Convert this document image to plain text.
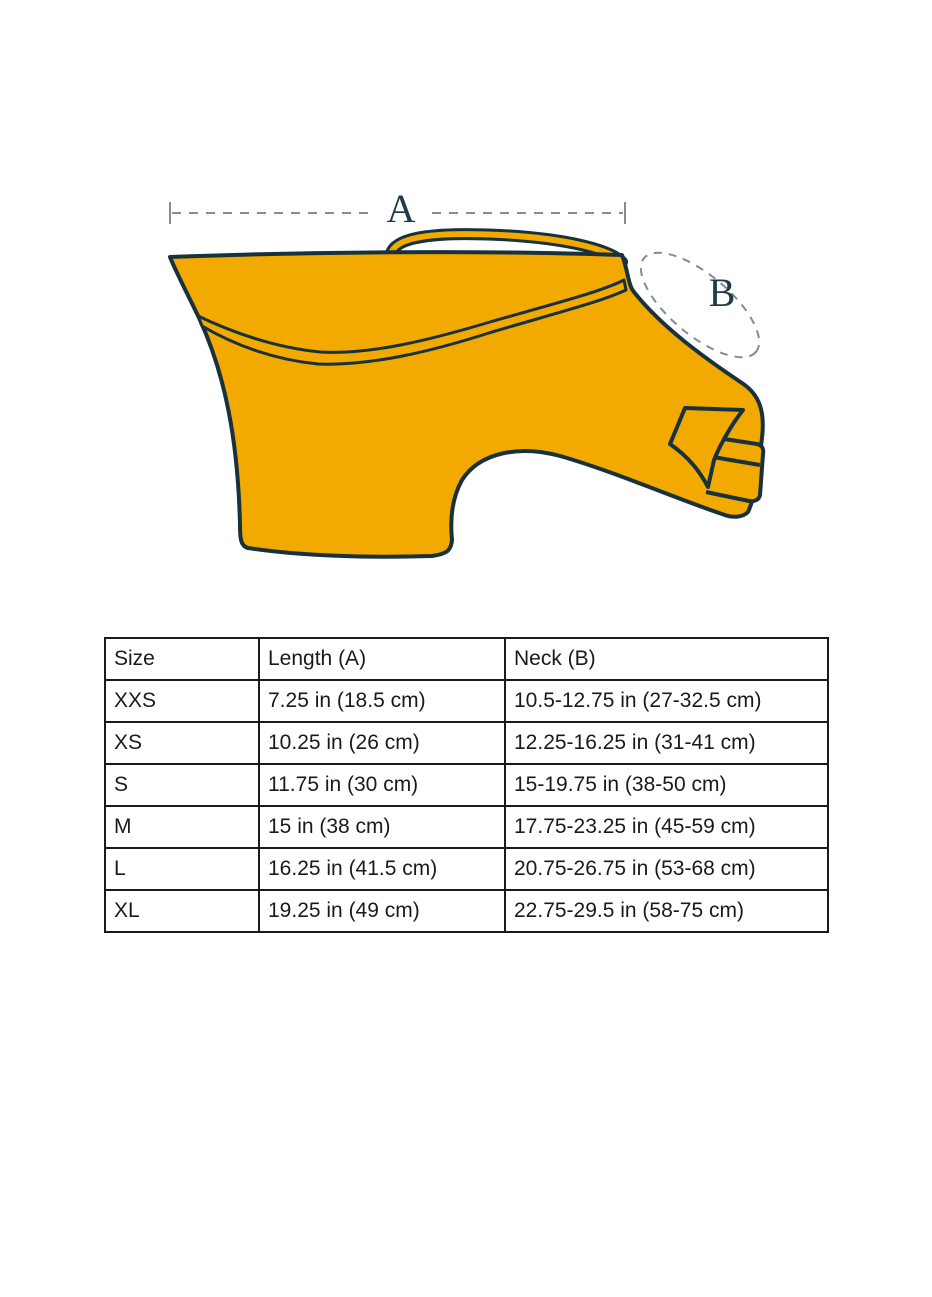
A
B
Size	Length (A)	Neck (B)
XXS	7.25 in (18.5 cm)	10.5-12.75 in (27-32.5 cm)
XS	10.25 in (26 cm)	12.25-16.25 in (31-41 cm)
S	11.75 in (30 cm)	15-19.75 in (38-50 cm)
M	15 in (38 cm)	17.75-23.25 in (45-59 cm)
L	16.25 in (41.5 cm)	20.75-26.75 in (53-68 cm)
XL	19.25 in (49 cm)	22.75-29.5 in (58-75 cm)
